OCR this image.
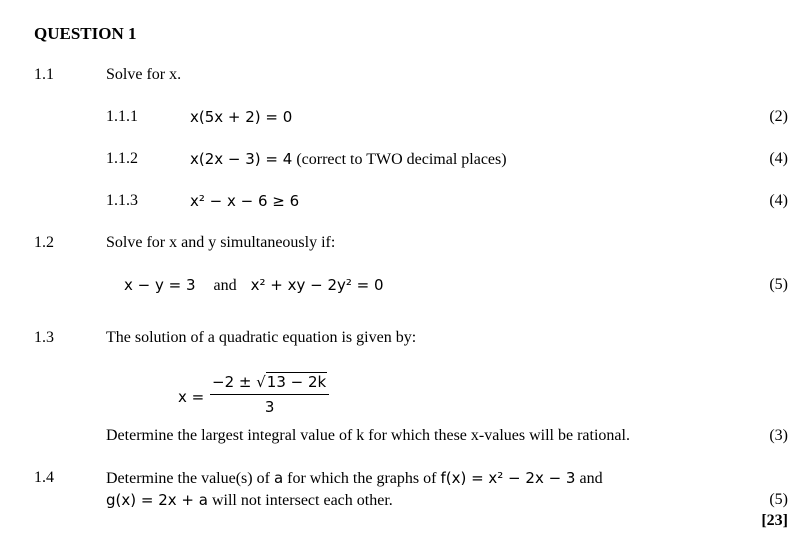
QUESTION 1
1.1	Solve for x.
1.1.1	x(5x + 2) = 0	(2)
1.1.2	x(2x − 3) = 4 (correct to TWO decimal places)	(4)
1.1.3	x² − x − 6 ≥ 6	(4)
1.2	Solve for x and y simultaneously if:
x − y = 3 and x² + xy − 2y² = 0	(5)
1.3	The solution of a quadratic equation is given by:
$x = \frac{-2 \pm √13 - 2k}{3}$
Determine the largest integral value of k for which these x-values will be rational.	(3)
1.4	Determine the value(s) of a for which the graphs of f(x) = x² − 2x − 3 and
g(x) = 2x + a will not intersect each other.	(5)
[23]
